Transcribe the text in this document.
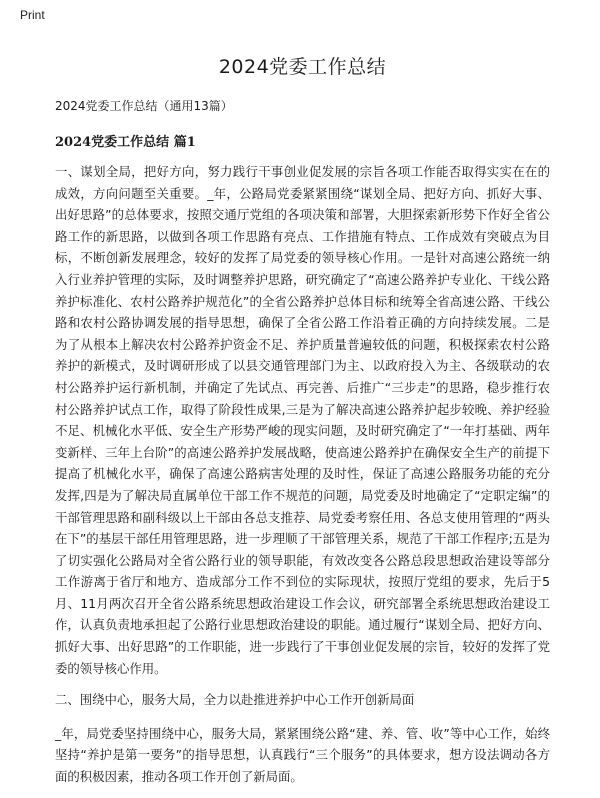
Print
2024党委工作总结
2024党委工作总结（通用13篇）
2024党委工作总结 篇1

一、谋划全局，把好方向，努力践行干事创业促发展的宗旨各项工作能否取得实实在在的成效，方向问题至关重要。_年，公路局党委紧紧围绕“谋划全局、把好方向、抓好大事、出好思路”的总体要求，按照交通厅党组的各项决策和部署，大胆探索新形势下作好全省公路工作的新思路，以做到各项工作思路有亮点、工作措施有特点、工作成效有突破点为目标，不断创新发展理念，较好的发挥了局党委的领导核心作用。一是针对高速公路统一纳入行业养护管理的实际，及时调整养护思路，研究确定了“高速公路养护专业化、干线公路养护标准化、农村公路养护规范化”的全省公路养护总体目标和统筹全省高速公路、干线公路和农村公路协调发展的指导思想，确保了全省公路工作沿着正确的方向持续发展。二是为了从根本上解决农村公路养护资金不足、养护质量普遍较低的问题，积极探索农村公路养护的新模式，及时调研形成了以县交通管理部门为主、以政府投入为主、各级联动的农村公路养护运行新机制，并确定了先试点、再完善、后推广“三步走”的思路，稳步推行农村公路养护试点工作，取得了阶段性成果,三是为了解决高速公路养护起步较晚、养护经验不足、机械化水平低、安全生产形势严峻的现实问题，及时研究确定了“一年打基础、两年变新样、三年上台阶”的高速公路养护发展战略，使高速公路养护在确保安全生产的前提下提高了机械化水平，确保了高速公路病害处理的及时性，保证了高速公路服务功能的充分发挥,四是为了解决局直属单位干部工作不规范的问题，局党委及时地确定了“定职定编”的干部管理思路和副科级以上干部由各总支推荐、局党委考察任用、各总支使用管理的“两头在下”的基层干部任用管理思路，进一步理顺了干部管理关系，规范了干部工作程序;五是为了切实强化公路局对全省公路行业的领导职能，有效改变各公路总段思想政治建设等部分工作游离于省厅和地方、造成部分工作不到位的实际现状，按照厅党组的要求，先后于5月、11月两次召开全省公路系统思想政治建设工作会议，研究部署全系统思想政治建设工作，认真负责地承担起了公路行业思想政治建设的职能。通过履行“谋划全局、把好方向、抓好大事、出好思路”的工作职能，进一步践行了干事创业促发展的宗旨，较好的发挥了党委的领导核心作用。

二、围绕中心，服务大局，全力以赴推进养护中心工作开创新局面

_年，局党委坚持围绕中心，服务大局，紧紧围绕公路“建、养、管、收”等中心工作，始终坚持“养护是第一要务”的指导思想，认真践行“三个服务”的具体要求，想方设法调动各方面的积极因素，推动各项工作开创了新局面。
